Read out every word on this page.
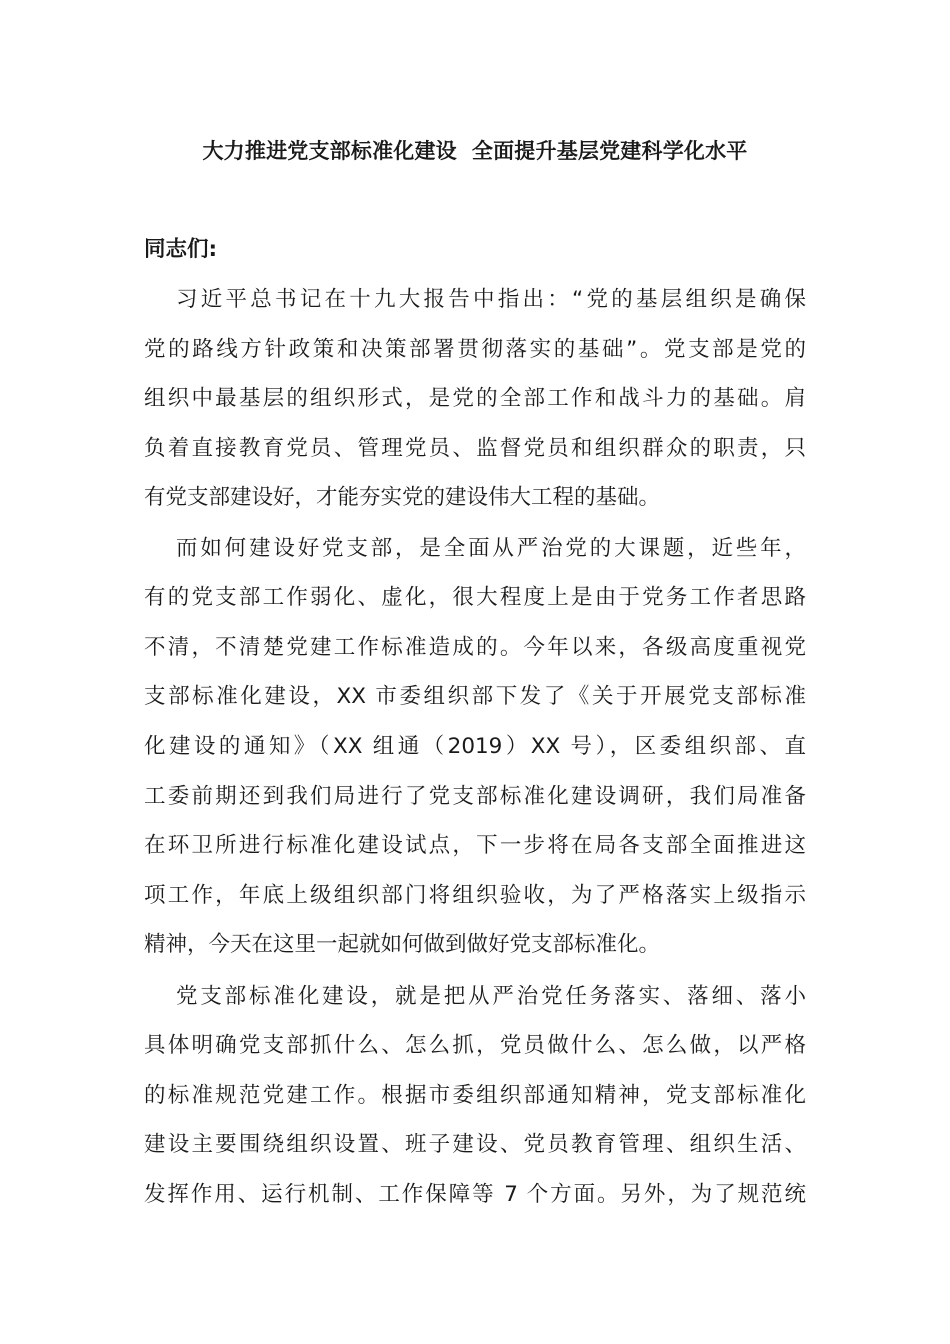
大力推进党支部标准化建设  全面提升基层党建科学化水平
同志们:
习近平总书记在十九大报告中指出：“党的基层组织是确保
党的路线方针政策和决策部署贯彻落实的基础”。党支部是党的
组织中最基层的组织形式，是党的全部工作和战斗力的基础。肩
负着直接教育党员、管理党员、监督党员和组织群众的职责，只
有党支部建设好，才能夯实党的建设伟大工程的基础。
而如何建设好党支部，是全面从严治党的大课题，近些年，
有的党支部工作弱化、虚化，很大程度上是由于党务工作者思路
不清，不清楚党建工作标准造成的。今年以来，各级高度重视党
支部标准化建设，XX 市委组织部下发了《关于开展党支部标准
化建设的通知》（XX 组通（2019）XX 号），区委组织部、直
工委前期还到我们局进行了党支部标准化建设调研，我们局准备
在环卫所进行标准化建设试点，下一步将在局各支部全面推进这
项工作，年底上级组织部门将组织验收，为了严格落实上级指示
精神，今天在这里一起就如何做到做好党支部标准化。
党支部标准化建设，就是把从严治党任务落实、落细、落小
具体明确党支部抓什么、怎么抓，党员做什么、怎么做，以严格
的标准规范党建工作。根据市委组织部通知精神，党支部标准化
建设主要围绕组织设置、班子建设、党员教育管理、组织生活、
发挥作用、运行机制、工作保障等 7 个方面。另外，为了规范统
